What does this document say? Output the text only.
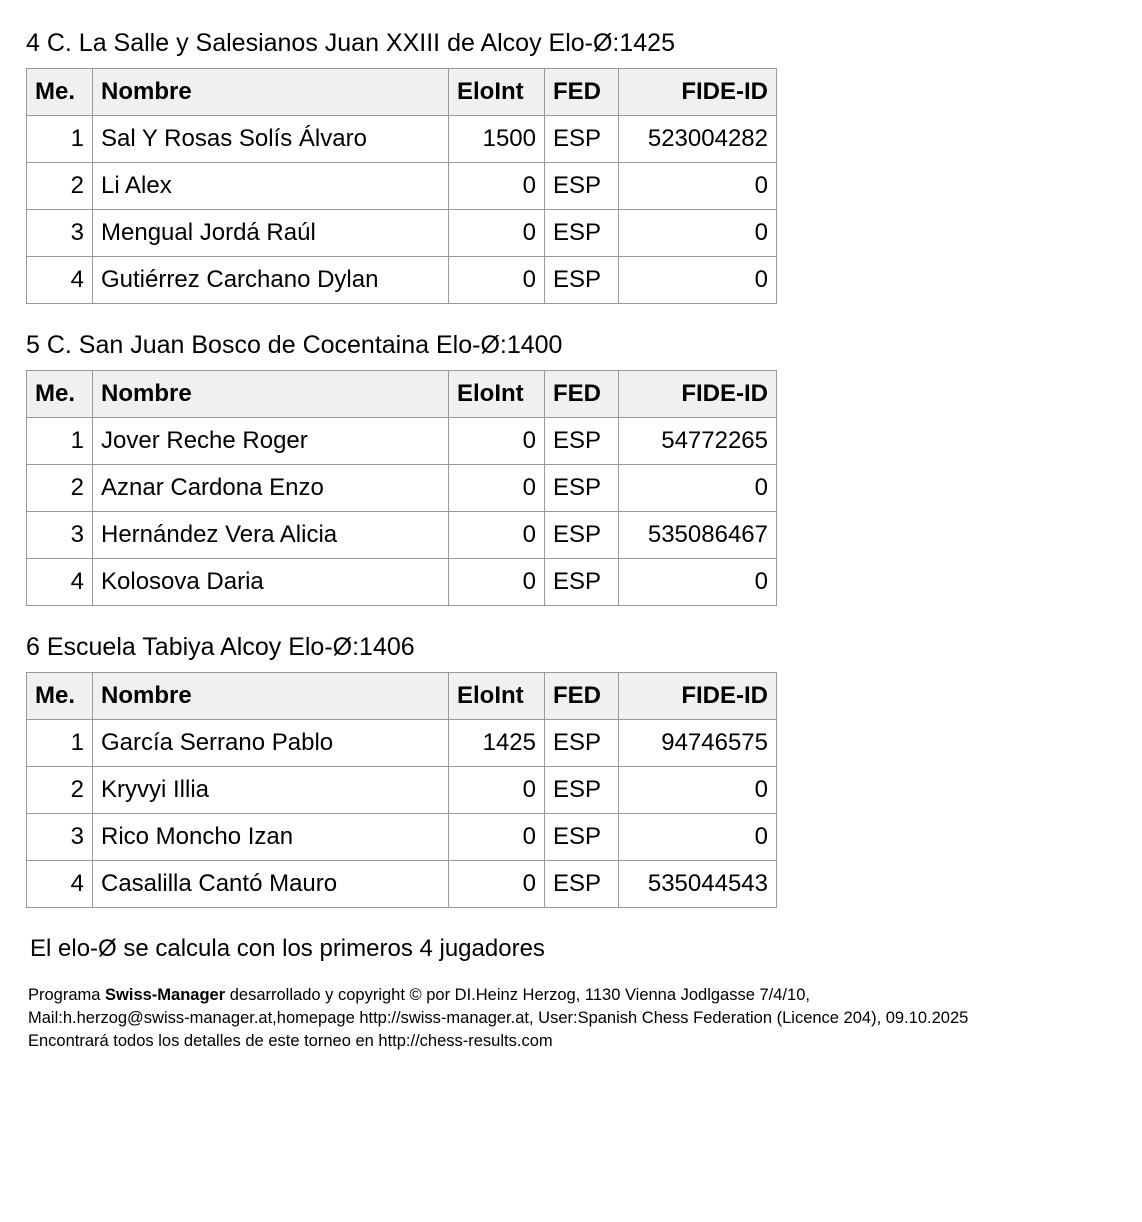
4 C. La Salle y Salesianos Juan XXIII de Alcoy Elo-Ø:1425
Me.	Nombre	EloInt	FED	FIDE-ID
1	Sal Y Rosas Solís Álvaro	1500	ESP	523004282
2	Li Alex	0	ESP	0
3	Mengual Jordá Raúl	0	ESP	0
4	Gutiérrez Carchano Dylan	0	ESP	0
5 C. San Juan Bosco de Cocentaina Elo-Ø:1400
Me.	Nombre	EloInt	FED	FIDE-ID
1	Jover Reche Roger	0	ESP	54772265
2	Aznar Cardona Enzo	0	ESP	0
3	Hernández Vera Alicia	0	ESP	535086467
4	Kolosova Daria	0	ESP	0
6 Escuela Tabiya Alcoy Elo-Ø:1406
Me.	Nombre	EloInt	FED	FIDE-ID
1	García Serrano Pablo	1425	ESP	94746575
2	Kryvyi Illia	0	ESP	0
3	Rico Moncho Izan	0	ESP	0
4	Casalilla Cantó Mauro	0	ESP	535044543
El elo-Ø se calcula con los primeros 4 jugadores
Programa Swiss-Manager desarrollado y copyright © por DI.Heinz Herzog, 1130 Vienna Jodlgasse 7/4/10,
Mail:h.herzog@swiss-manager.at,homepage http://swiss-manager.at, User:Spanish Chess Federation (Licence 204), 09.10.2025
Encontrará todos los detalles de este torneo en http://chess-results.com
